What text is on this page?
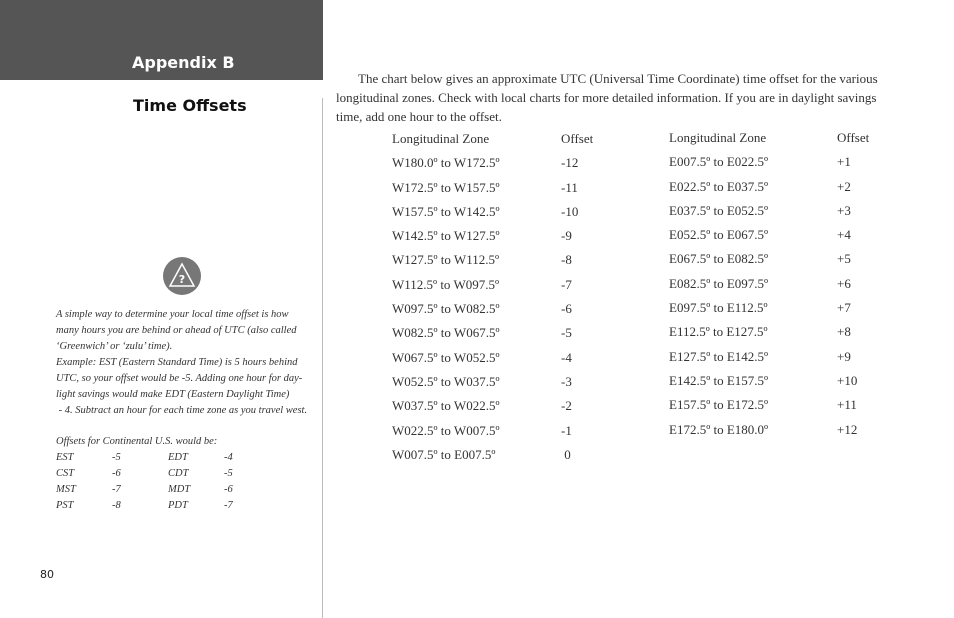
Appendix B
Time Offsets
?

A simple way to determine your local time offset is how

many hours you are behind or ahead of UTC (also called

‘Greenwich’ or ‘zulu’ time).

Example: EST (Eastern Standard Time) is 5 hours behind

UTC, so your offset would be -5. Adding one hour for day-

light savings would make EDT (Eastern Daylight Time)

- 4. Subtract an hour for each time zone as you travel west.

Offsets for Continental U.S. would be:
EST	-5	EDT	-4
CST	-6	CDT	-5
MST	-7	MDT	-6
PST	-8	PDT	-7
80
The chart below gives an approximate UTC (Universal Time Coordinate) time offset for the various longitudinal zones. Check with local charts for more detailed information. If you are in daylight savings time, add one hour to the offset.
Longitudinal Zone	Offset
W180.0º to W172.5º	-12
W172.5º to W157.5º	-11
W157.5º to W142.5º	-10
W142.5º to W127.5º	-9
W127.5º to W112.5º	-8
W112.5º to W097.5º	-7
W097.5º to W082.5º	-6
W082.5º to W067.5º	-5
W067.5º to W052.5º	-4
W052.5º to W037.5º	-3
W037.5º to W022.5º	-2
W022.5º to W007.5º	-1
W007.5º to E007.5º	0
Longitudinal Zone	Offset
E007.5º to E022.5º	+1
E022.5º to E037.5º	+2
E037.5º to E052.5º	+3
E052.5º to E067.5º	+4
E067.5º to E082.5º	+5
E082.5º to E097.5º	+6
E097.5º to E112.5º	+7
E112.5º to E127.5º	+8
E127.5º to E142.5º	+9
E142.5º to E157.5º	+10
E157.5º to E172.5º	+11
E172.5º to E180.0º	+12
